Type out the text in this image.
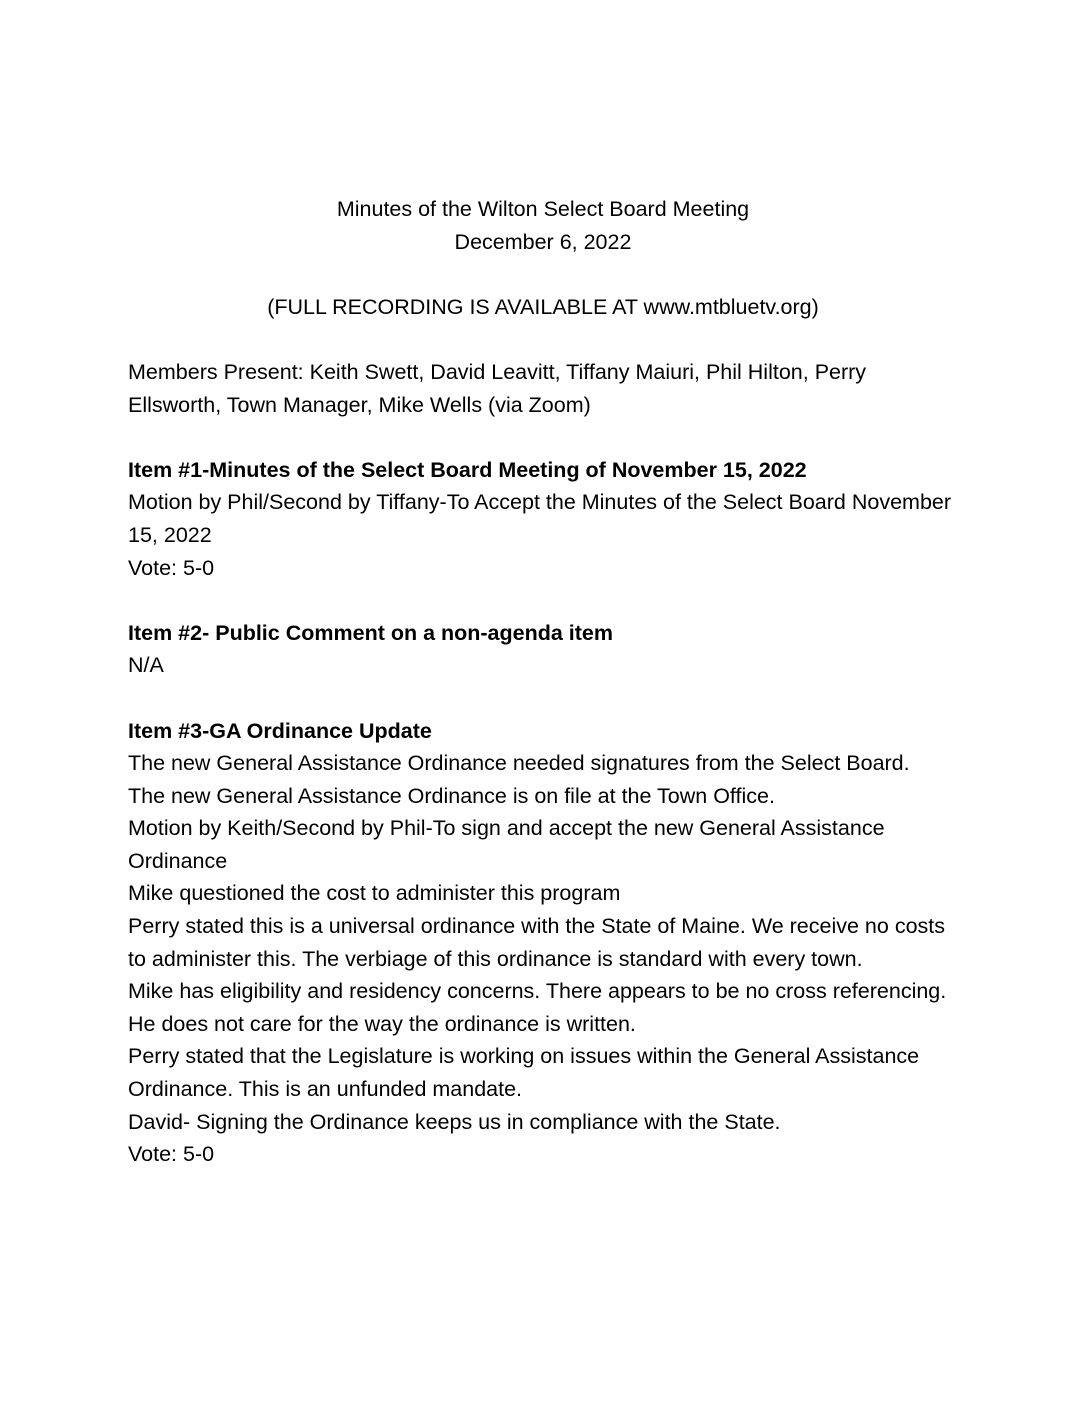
Minutes of the Wilton Select Board Meeting
December 6, 2022
(FULL RECORDING IS AVAILABLE AT www.mtbluetv.org)
Members Present: Keith Swett, David Leavitt, Tiffany Maiuri, Phil Hilton, Perry Ellsworth, Town Manager, Mike Wells (via Zoom)
Item #1-Minutes of the Select Board Meeting of November 15, 2022
Motion by Phil/Second by Tiffany-To Accept the Minutes of the Select Board November 15, 2022
Vote: 5-0
Item #2- Public Comment on a non-agenda item
N/A
Item #3-GA Ordinance Update
The new General Assistance Ordinance needed signatures from the Select Board.
The new General Assistance Ordinance is on file at the Town Office.
Motion by Keith/Second by Phil-To sign and accept the new General Assistance Ordinance
Mike questioned the cost to administer this program
Perry stated this is a universal ordinance with the State of Maine. We receive no costs to administer this. The verbiage of this ordinance is standard with every town.
Mike has eligibility and residency concerns. There appears to be no cross referencing. He does not care for the way the ordinance is written.
Perry stated that the Legislature is working on issues within the General Assistance Ordinance. This is an unfunded mandate.
David- Signing the Ordinance keeps us in compliance with the State.
Vote: 5-0
